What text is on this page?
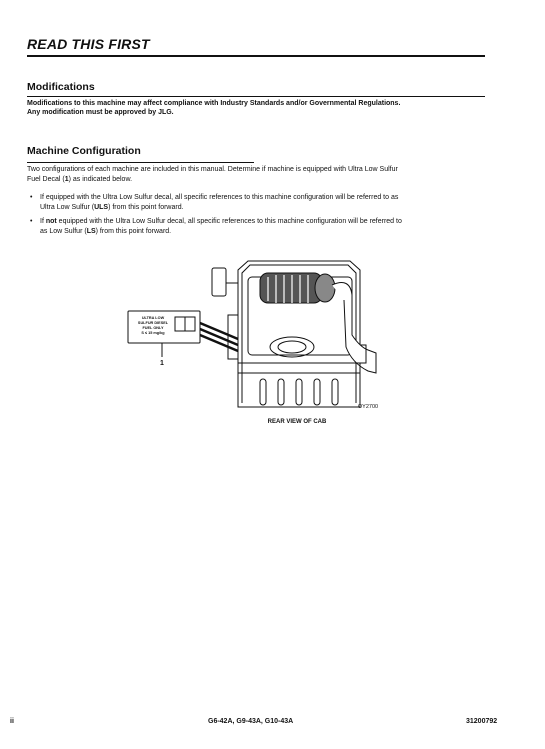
READ THIS FIRST
Modifications
Modifications to this machine may affect compliance with Industry Standards and/or Governmental Regulations.
Any modification must be approved by JLG.
Machine Configuration
Two configurations of each machine are included in this manual. Determine if machine is equipped with Ultra Low Sulfur
Fuel Decal (1) as indicated below.
• If equipped with the Ultra Low Sulfur decal, all specific references to this machine configuration will be referred to as
Ultra Low Sulfur (ULS) from this point forward.
• If not equipped with the Ultra Low Sulfur decal, all specific references to this machine configuration will be referred to
as Low Sulfur (LS) from this point forward.
ULTRA LOW
SULFUR DIESEL
FUEL ONLY
S ≤ 15 mg/kg
1
OY2700
REAR VIEW OF CAB
ii	G6-42A, G9-43A, G10-43A	31200792
